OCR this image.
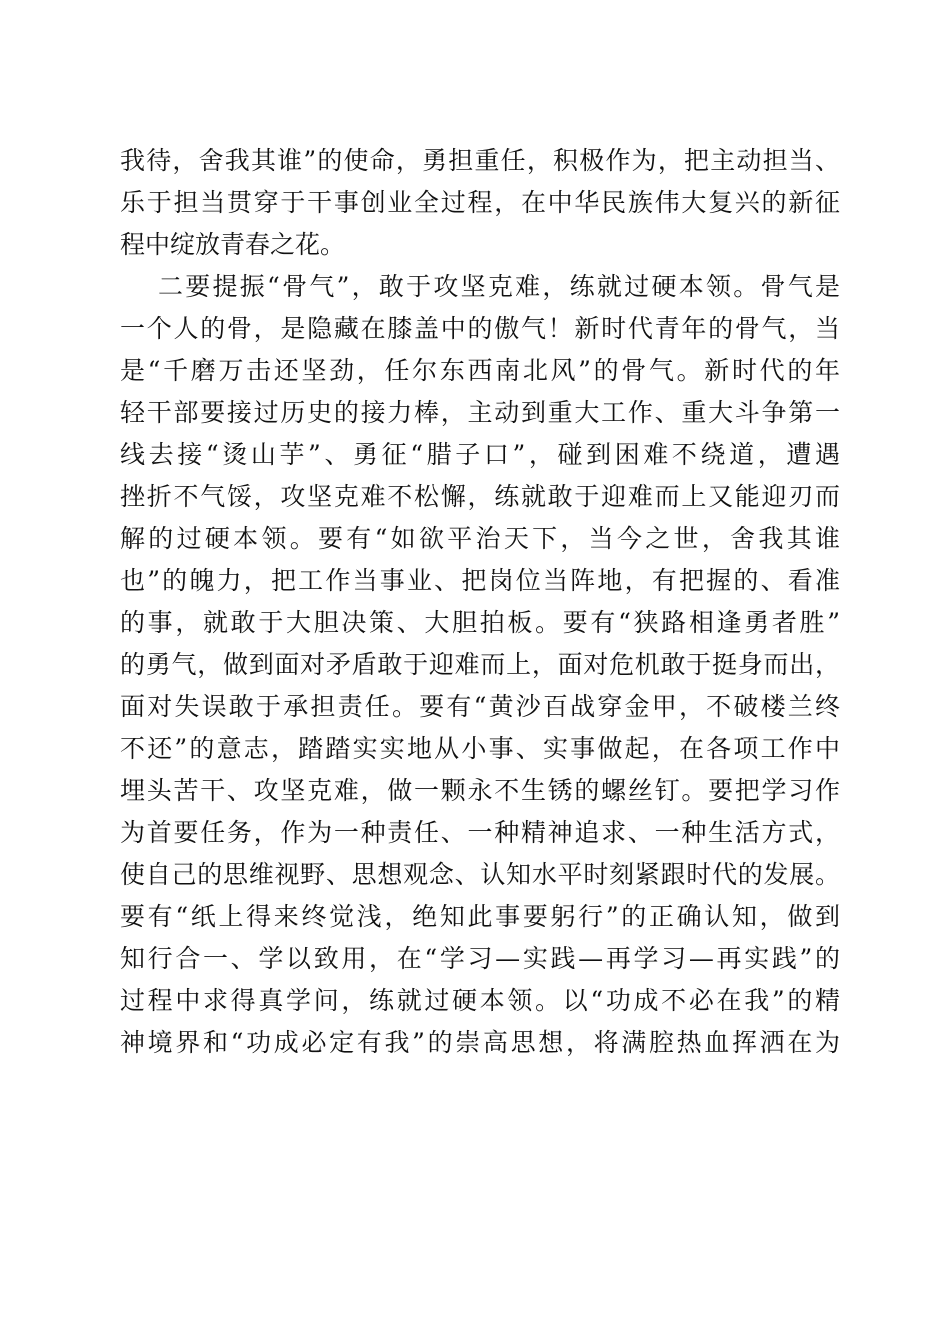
我待，舍我其谁”的使命，勇担重任，积极作为，把主动担当、
乐于担当贯穿于干事创业全过程，在中华民族伟大复兴的新征
程中绽放青春之花。
二要提振“骨气”，敢于攻坚克难，练就过硬本领。骨气是
一个人的骨，是隐藏在膝盖中的傲气！新时代青年的骨气，当
是“千磨万击还坚劲，任尔东西南北风”的骨气。新时代的年
轻干部要接过历史的接力棒，主动到重大工作、重大斗争第一
线去接“烫山芋”、勇征“腊子口”，碰到困难不绕道，遭遇
挫折不气馁，攻坚克难不松懈，练就敢于迎难而上又能迎刃而
解的过硬本领。要有“如欲平治天下，当今之世，舍我其谁
也”的魄力，把工作当事业、把岗位当阵地，有把握的、看准
的事，就敢于大胆决策、大胆拍板。要有“狭路相逢勇者胜”
的勇气，做到面对矛盾敢于迎难而上，面对危机敢于挺身而出，
面对失误敢于承担责任。要有“黄沙百战穿金甲，不破楼兰终
不还”的意志，踏踏实实地从小事、实事做起，在各项工作中
埋头苦干、攻坚克难，做一颗永不生锈的螺丝钉。要把学习作
为首要任务，作为一种责任、一种精神追求、一种生活方式，
使自己的思维视野、思想观念、认知水平时刻紧跟时代的发展。
要有“纸上得来终觉浅，绝知此事要躬行”的正确认知，做到
知行合一、学以致用，在“学习—实践—再学习—再实践”的
过程中求得真学问，练就过硬本领。以“功成不必在我”的精
神境界和“功成必定有我”的崇高思想，将满腔热血挥洒在为
